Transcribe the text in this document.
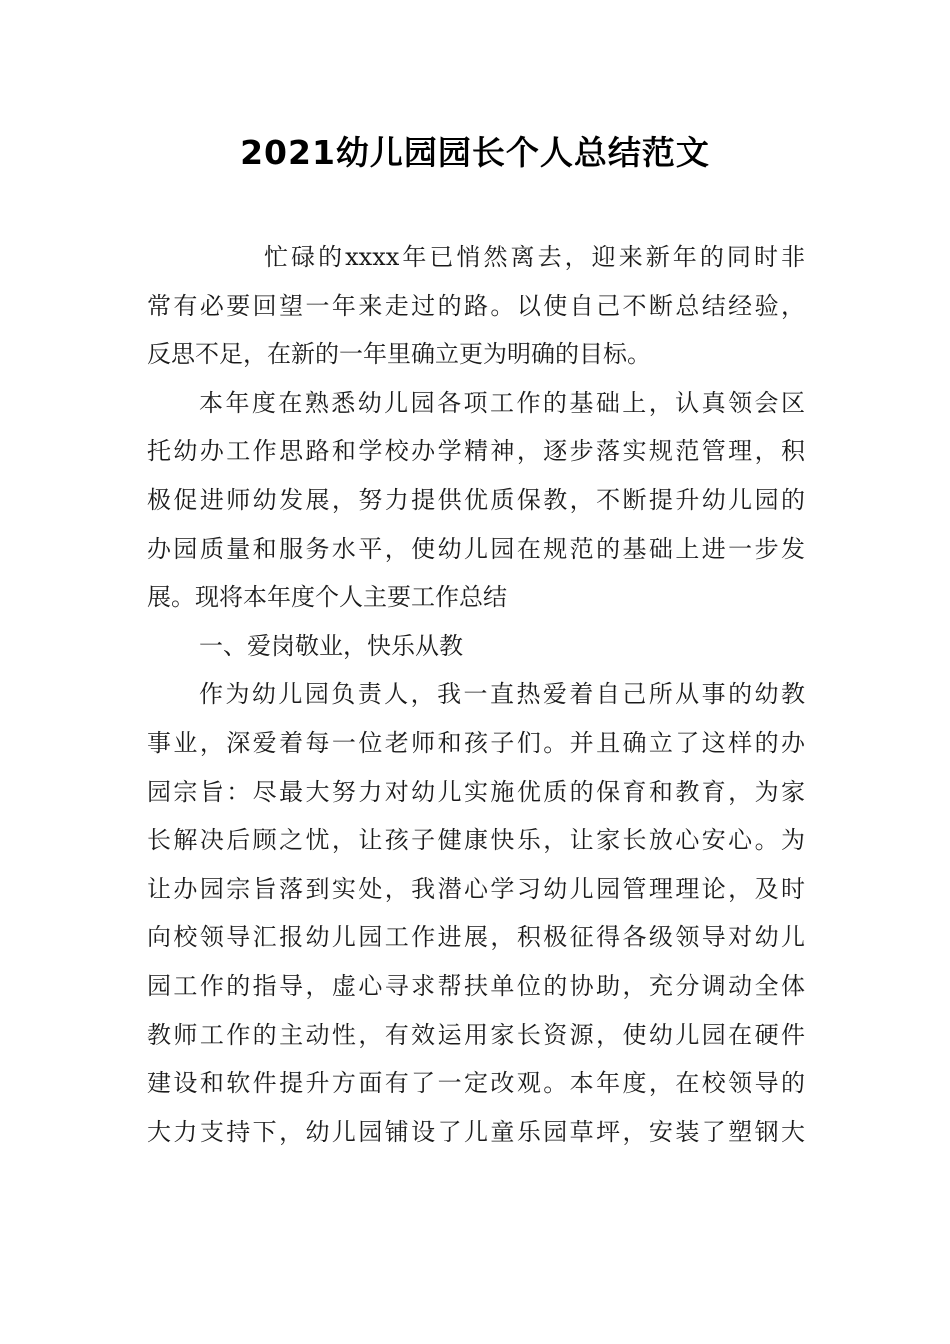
2021幼儿园园长个人总结范文
忙碌的xxxx年已悄然离去，迎来新年的同时非
常有必要回望一年来走过的路。以使自己不断总结经验，
反思不足，在新的一年里确立更为明确的目标。
本年度在熟悉幼儿园各项工作的基础上，认真领会区
托幼办工作思路和学校办学精神，逐步落实规范管理，积
极促进师幼发展，努力提供优质保教，不断提升幼儿园的
办园质量和服务水平，使幼儿园在规范的基础上进一步发
展。现将本年度个人主要工作总结
一、爱岗敬业，快乐从教
作为幼儿园负责人，我一直热爱着自己所从事的幼教
事业，深爱着每一位老师和孩子们。并且确立了这样的办
园宗旨：尽最大努力对幼儿实施优质的保育和教育，为家
长解决后顾之忧，让孩子健康快乐，让家长放心安心。为
让办园宗旨落到实处，我潜心学习幼儿园管理理论，及时
向校领导汇报幼儿园工作进展，积极征得各级领导对幼儿
园工作的指导，虚心寻求帮扶单位的协助，充分调动全体
教师工作的主动性，有效运用家长资源，使幼儿园在硬件
建设和软件提升方面有了一定改观。本年度，在校领导的
大力支持下，幼儿园铺设了儿童乐园草坪，安装了塑钢大
